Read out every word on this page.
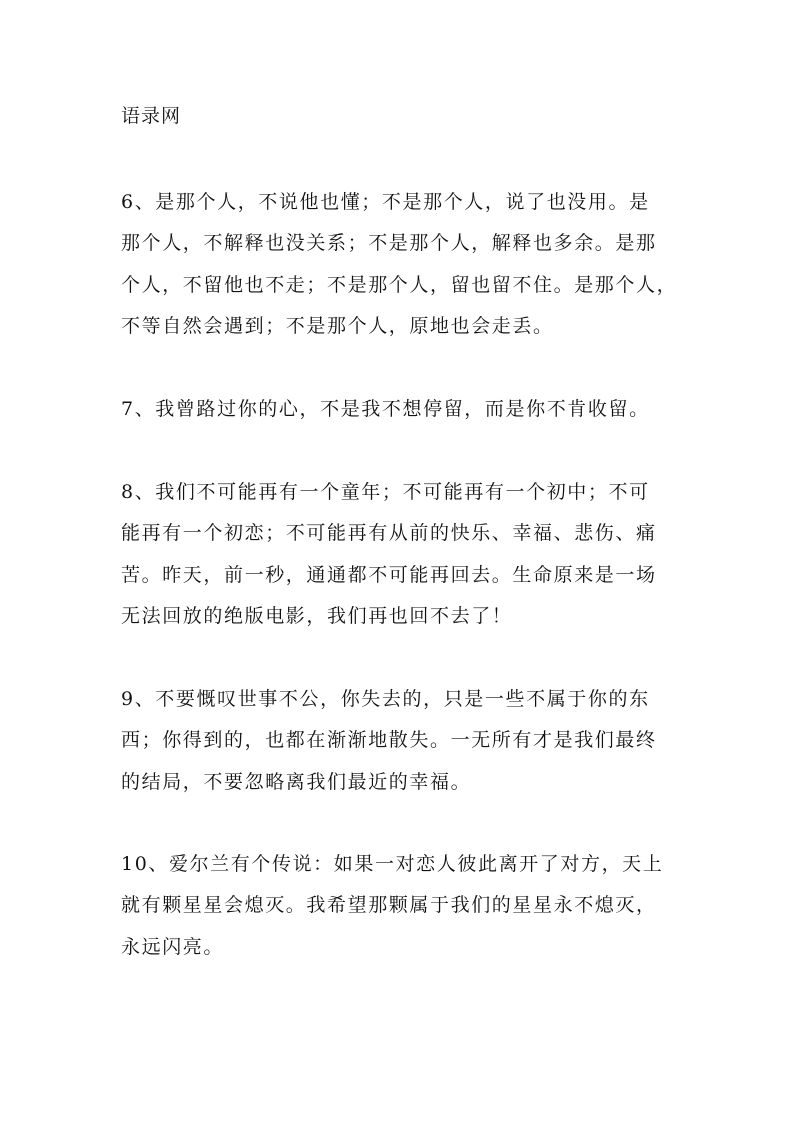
语录网
6、是那个人，不说他也懂；不是那个人，说了也没用。是
那个人，不解释也没关系；不是那个人，解释也多余。是那
个人，不留他也不走；不是那个人，留也留不住。是那个人，
不等自然会遇到；不是那个人，原地也会走丢。
7、我曾路过你的心，不是我不想停留，而是你不肯收留。
8、我们不可能再有一个童年；不可能再有一个初中；不可
能再有一个初恋；不可能再有从前的快乐、幸福、悲伤、痛
苦。昨天，前一秒，通通都不可能再回去。生命原来是一场
无法回放的绝版电影，我们再也回不去了！
9、不要慨叹世事不公，你失去的，只是一些不属于你的东
西；你得到的，也都在渐渐地散失。一无所有才是我们最终
的结局，不要忽略离我们最近的幸福。
10、爱尔兰有个传说：如果一对恋人彼此离开了对方，天上
就有颗星星会熄灭。我希望那颗属于我们的星星永不熄灭，
永远闪亮。
